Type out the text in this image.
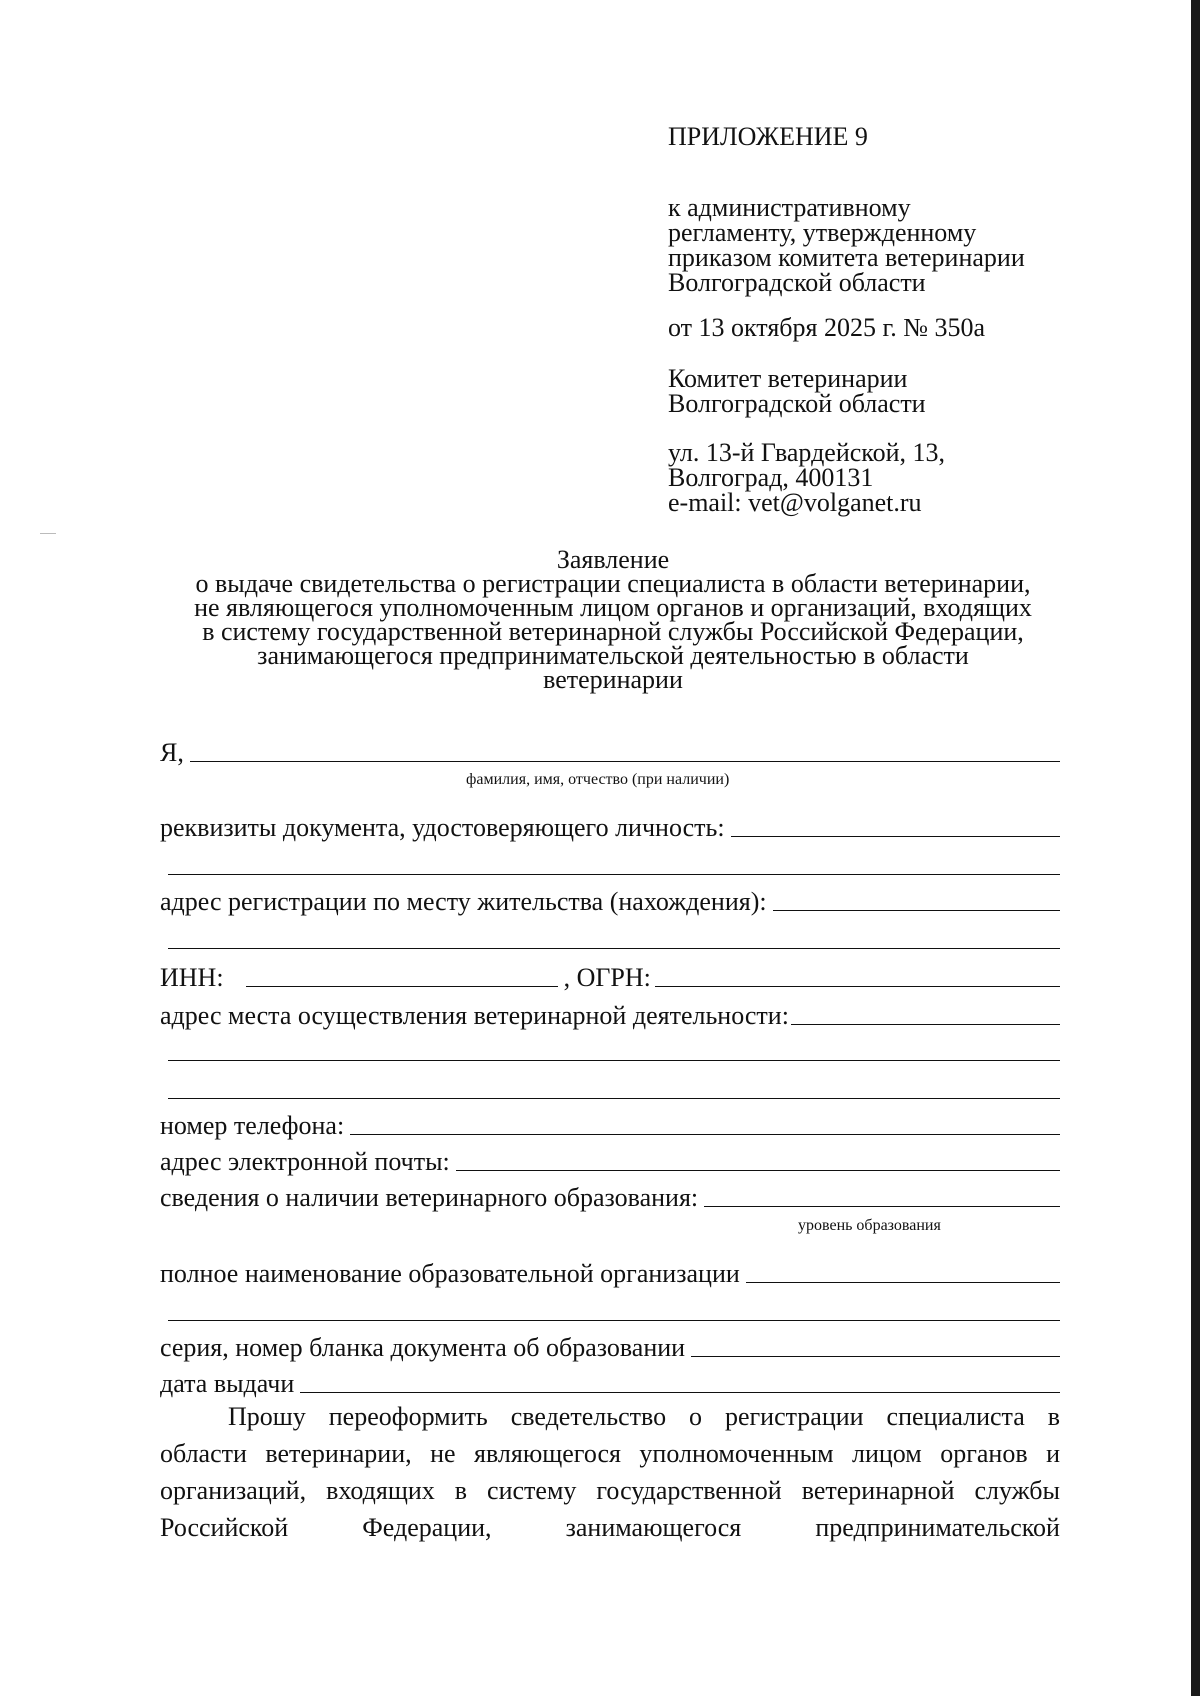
ПРИЛОЖЕНИЕ 9
к административному
регламенту, утвержденному
приказом комитета ветеринарии
Волгоградской области
от 13 октября 2025 г. № 350а
Комитет ветеринарии
Волгоградской области
ул. 13-й Гвардейской, 13,
Волгоград, 400131
e-mail: vet@volganet.ru
Заявление
о выдаче свидетельства о регистрации специалиста в области ветеринарии,
не являющегося уполномоченным лицом органов и организаций, входящих
в систему государственной ветеринарной службы Российской Федерации,
занимающегося предпринимательской деятельностью в области
ветеринарии
Я,
фамилия, имя, отчество (при наличии)
реквизиты документа, удостоверяющего личность:
адрес регистрации по месту жительства (нахождения):
ИНН:	, ОГРН:
адрес места осуществления ветеринарной деятельности:
номер телефона:
адрес электронной почты:
сведения о наличии ветеринарного образования:
уровень образования
полное наименование образовательной организации
серия, номер бланка документа об образовании
дата выдачи
Прошу переоформить сведетельство о регистрации специалиста в
области ветеринарии, не являющегося уполномоченным лицом органов и
организаций, входящих в систему государственной ветеринарной службы
Российской	Федерации,	занимающегося	предпринимательской
